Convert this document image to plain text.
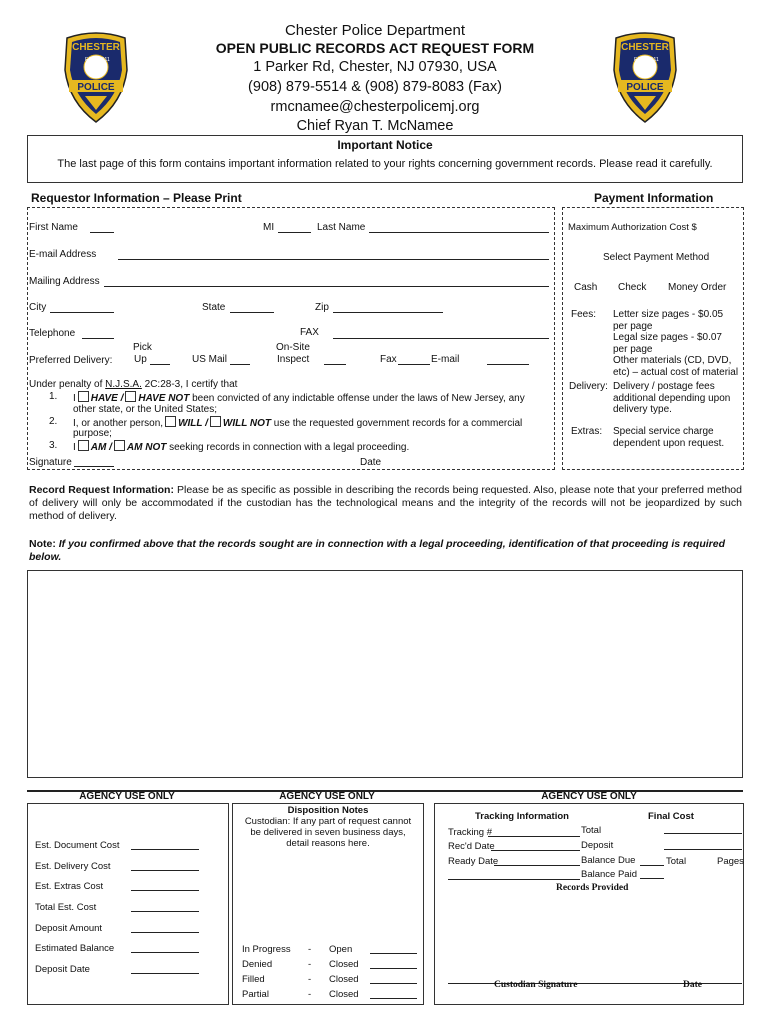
CHESTER
EST. 1911
POLICE
CHESTER
EST. 1911
POLICE
Chester Police Department
OPEN PUBLIC RECORDS ACT REQUEST FORM
1 Parker Rd, Chester, NJ 07930, USA
(908) 879-5514 & (908) 879-8083 (Fax)
rmcnamee@chesterpolicemj.org
Chief Ryan T. McNamee
Important Notice
The last page of this form contains important information related to your rights concerning government records. Please read it carefully.
Requestor Information – Please Print	Payment Information
First Name	MI	Last Name
E-mail Address
Mailing Address
City	State	Zip
Telephone	FAX
Preferred Delivery:
Pick
Up	US Mail
On-Site
Inspect	Fax	E-mail
Under penalty of N.J.S.A. 2C:28-3, I certify that
1. I HAVE / HAVE NOT been convicted of any indictable offense under the laws of New Jersey, any
other state, or the United States;
2. I, or another person, WILL / WILL NOT use the requested government records for a commercial
purpose;
3. I AM / AM NOT seeking records in connection with a legal proceeding.
Signature	Date
Maximum Authorization Cost $
Select Payment Method
Cash Check Money Order
Fees: Letter size pages - $0.05
per page
Legal size pages - $0.07
per page
Other materials (CD, DVD,
etc) – actual cost of material
Delivery: Delivery / postage fees
additional depending upon
delivery type.
Extras: Special service charge
dependent upon request.
Record Request Information: Please be as specific as possible in describing the records being requested. Also, please note that your preferred method of delivery will only be accommodated if the custodian has the technological means and the integrity of the records will not be jeopardized by such method of delivery.
Note: If you confirmed above that the records sought are in connection with a legal proceeding, identification of that proceeding is required below.
AGENCY USE ONLY
Est. Document Cost
Est. Delivery Cost
Est. Extras Cost
Total Est. Cost
Deposit Amount
Estimated Balance
Deposit Date
AGENCY USE ONLY
Disposition Notes
Custodian: If any part of request cannot be delivered in seven business days, detail reasons here.
In Progress - Open
Denied	- Closed
Filled	- Closed
Partial	- Closed
AGENCY USE ONLY
Tracking Information	Final Cost
Tracking #	Total
Rec'd Date	Deposit
Ready Date	Balance Due	Total	Pages
Balance Paid
Records Provided
Custodian Signature	Date
